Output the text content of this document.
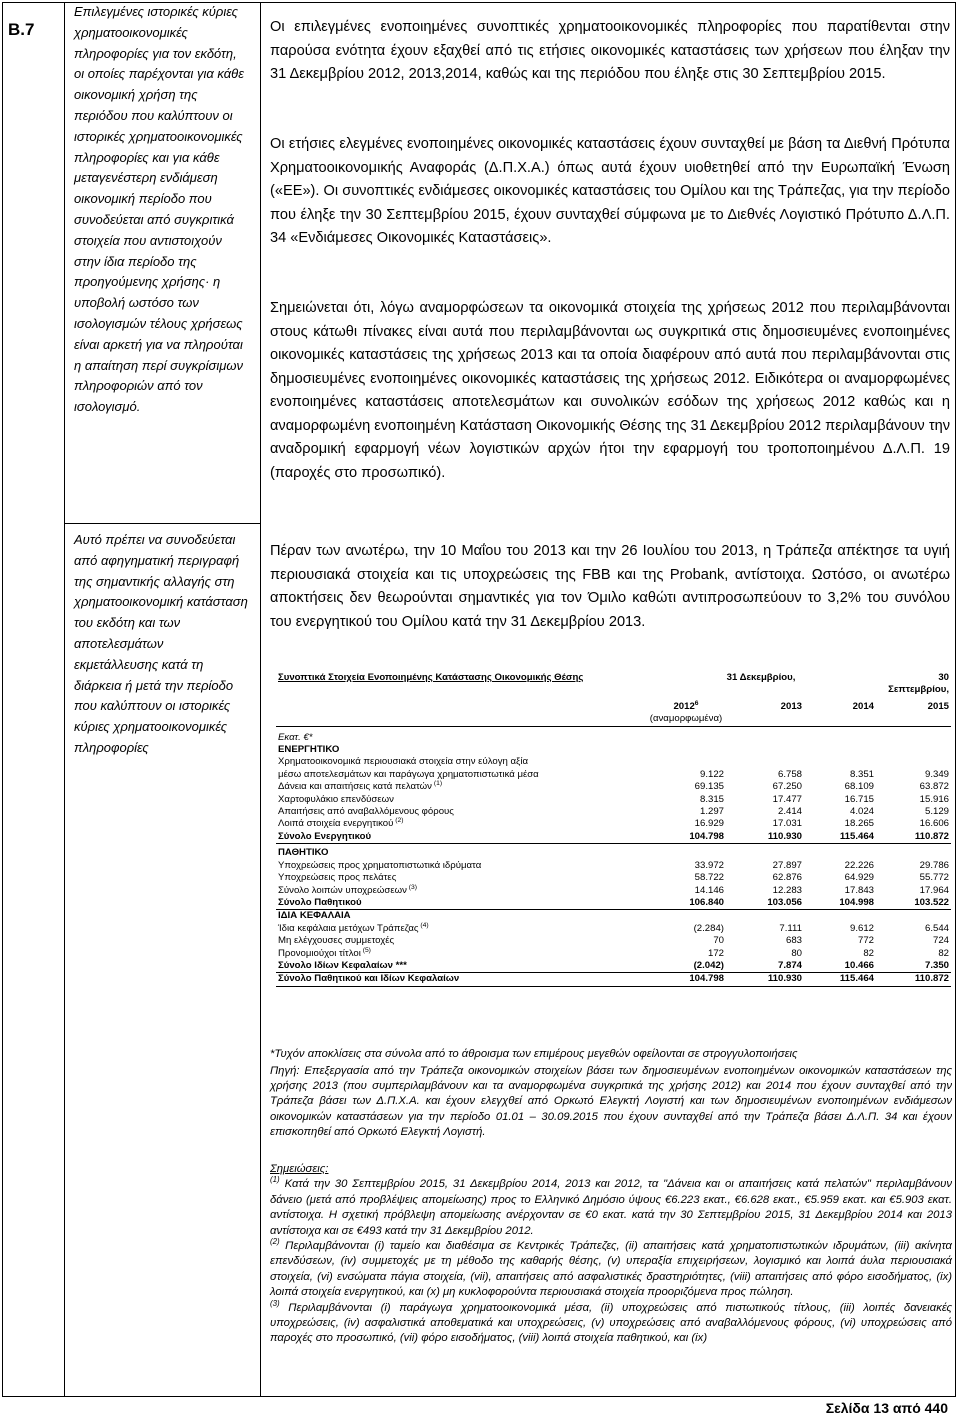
B.7
Επιλεγμένες ιστορικές κύριες χρηματοοικονομικές πληροφορίες για τον εκδότη, οι οποίες παρέχονται για κάθε οικονομική χρήση της περιόδου που καλύπτουν οι ιστορικές χρηματοοικονομικές πληροφορίες και για κάθε μεταγενέστερη ενδιάμεση οικονομική περίοδο που συνοδεύεται από συγκριτικά στοιχεία που αντιστοιχούν στην ίδια περίοδο της προηγούμενης χρήσης· η υποβολή ωστόσο των ισολογισμών τέλους χρήσεως είναι αρκετή για να πληρούται η απαίτηση περί συγκρίσιμων πληροφοριών από τον ισολογισμό.
Αυτό πρέπει να συνοδεύεται από αφηγηματική περιγραφή της σημαντικής αλλαγής στη χρηματοοικονομική κατάσταση του εκδότη και των αποτελεσμάτων εκμετάλλευσης κατά τη διάρκεια ή μετά την περίοδο που καλύπτουν οι ιστορικές κύριες χρηματοοικονομικές πληροφορίες

Οι επιλεγμένες ενοποιημένες συνοπτικές χρηματοοικονομικές πληροφορίες που παρατίθενται στην παρούσα ενότητα έχουν εξαχθεί από τις ετήσιες οικονομικές καταστάσεις των χρήσεων που έληξαν την 31 Δεκεμβρίου 2012, 2013,2014, καθώς και της περιόδου που έληξε στις 30 Σεπτεμβρίου 2015.

Οι ετήσιες ελεγμένες ενοποιημένες οικονομικές καταστάσεις έχουν συνταχθεί με βάση τα Διεθνή Πρότυπα Χρηματοοικονομικής Αναφοράς (Δ.Π.Χ.Α.) όπως αυτά έχουν υιοθετηθεί από την Ευρωπαϊκή Ένωση («ΕΕ»). Οι συνοπτικές ενδιάμεσες οικονομικές καταστάσεις του Ομίλου και της Τράπεζας, για την περίοδο που έληξε την 30 Σεπτεμβρίου 2015, έχουν συνταχθεί σύμφωνα με το Διεθνές Λογιστικό Πρότυπο Δ.Λ.Π. 34 «Ενδιάμεσες Οικονομικές Καταστάσεις».

Σημειώνεται ότι, λόγω αναμορφώσεων τα οικονομικά στοιχεία της χρήσεως 2012 που περιλαμβάνονται στους κάτωθι πίνακες είναι αυτά που περιλαμβάνονται ως συγκριτικά στις δημοσιευμένες ενοποιημένες οικονομικές καταστάσεις της χρήσεως 2013 και τα οποία διαφέρουν από αυτά που περιλαμβάνονται στις δημοσιευμένες ενοποιημένες οικονομικές καταστάσεις της χρήσεως 2012. Ειδικότερα οι αναμορφωμένες ενοποιημένες καταστάσεις αποτελεσμάτων και συνολικών εσόδων της χρήσεως 2012 καθώς και η αναμορφωμένη ενοποιημένη Κατάσταση Οικονομικής Θέσης της 31 Δεκεμβρίου 2012 περιλαμβάνουν την αναδρομική εφαρμογή νέων λογιστικών αρχών ήτοι την εφαρμογή του τροποποιημένου Δ.Λ.Π. 19 (παροχές στο προσωπικό).

Πέραν των ανωτέρω, την 10 Μαΐου του 2013 και την 26 Ιουλίου του 2013, η Τράπεζα απέκτησε τα υγιή περιουσιακά στοιχεία και τις υποχρεώσεις της FBB και της Probank, αντίστοιχα. Ωστόσο, οι ανωτέρω αποκτήσεις δεν θεωρούνται σημαντικές για τον Όμιλο καθώτι αντιπροσωπεύουν το 3,2% του συνόλου του ενεργητικού του Ομίλου κατά την 31 Δεκεμβρίου 2013.

Συνοπτικά Στοιχεία Ενοποιημένης Κατάστασης Οικονομικής Θέσης	31 Δεκεμβρίου,			30 Σεπτεμβρίου,
	2012$^6$
(αναμορφωμένα)	2013	2014	2015
Εκατ. €*				
ΕΝΕΡΓΗΤΙΚΟ				
Χρηματοοικονομικά περιουσιακά στοιχεία στην εύλογη αξία				
μέσω αποτελεσμάτων και παράγωγα χρηματοπιστωτικά μέσα	9.122	6.758	8.351	9.349
Δάνεια και απαιτήσεις κατά πελατών $^{(1)}$	69.135	67.250	68.109	63.872
Χαρτοφυλάκιο επενδύσεων	8.315	17.477	16.715	15.916
Απαιτήσεις από αναβαλλόμενους φόρους	1.297	2.414	4.024	5.129
Λοιπά στοιχεία ενεργητικού $^{(2)}$	16.929	17.031	18.265	16.606
Σύνολο Ενεργητικού	104.798	110.930	115.464	110.872
ΠΑΘΗΤΙΚΟ				
Υποχρεώσεις προς χρηματοπιστωτικά ιδρύματα	33.972	27.897	22.226	29.786
Υποχρεώσεις προς πελάτες	58.722	62.876	64.929	55.772
Σύνολο λοιπών υποχρεώσεων $^{(3)}$	14.146	12.283	17.843	17.964
Σύνολο Παθητικού	106.840	103.056	104.998	103.522
ΙΔΙΑ ΚΕΦΑΛΑΙΑ				
Ίδια κεφάλαια μετόχων Τράπεζας $^{(4)}$	(2.284)	7.111	9.612	6.544
Μη ελέγχουσες συμμετοχές	70	683	772	724
Προνομιούχοι τίτλοι $^{(5)}$	172	80	82	82
Σύνολο Ιδίων Κεφαλαίων ***	(2.042)	7.874	10.466	7.350
Σύνολο Παθητικού και Ιδίων Κεφαλαίων	104.798	110.930	115.464	110.872
*Τυχόν αποκλίσεις στα σύνολα από το άθροισμα των επιμέρους μεγεθών οφείλονται σε στρογγυλοποιήσεις
Πηγή: Επεξεργασία από την Τράπεζα οικονομικών στοιχείων βάσει των δημοσιευμένων ενοποιημένων οικονομικών καταστάσεων της χρήσης 2013 (που συμπεριλαμβάνουν και τα αναμορφωμένα συγκριτικά της χρήσης 2012) και 2014 που έχουν συνταχθεί από την Τράπεζα βάσει των Δ.Π.Χ.Α. και έχουν ελεγχθεί από Ορκωτό Ελεγκτή Λογιστή και των δημοσιευμένων ενοποιημένων ενδιάμεσων οικονομικών καταστάσεων για την περίοδο 01.01 – 30.09.2015 που έχουν συνταχθεί από την Τράπεζα βάσει Δ.Λ.Π. 34 και έχουν επισκοπηθεί από Ορκωτό Ελεγκτή Λογιστή.

Σημειώσεις:

$^{(1)}$ Κατά την 30 Σεπτεμβρίου 2015, 31 Δεκεμβρίου 2014, 2013 και 2012, τα "Δάνεια και οι απαιτήσεις κατά πελατών" περιλαμβάνουν δάνειο (μετά από προβλέψεις απομείωσης) προς το Ελληνικό Δημόσιο ύψους €6.223 εκατ., €6.628 εκατ., €5.959 εκατ. και €5.903 εκατ. αντίστοιχα. Η σχετική πρόβλεψη απομείωσης ανέρχονταν σε €0 εκατ. κατά την 30 Σεπτεμβρίου 2015, 31 Δεκεμβρίου 2014 και 2013 αντίστοιχα και σε €493 κατά την 31 Δεκεμβρίου 2012.

$^{(2)}$ Περιλαμβάνονται (i) ταμείο και διαθέσιμα σε Κεντρικές Τράπεζες, (ii) απαιτήσεις κατά χρηματοπιστωτικών ιδρυμάτων, (iii) ακίνητα επενδύσεων, (iv) συμμετοχές με τη μέθοδο της καθαρής θέσης, (v) υπεραξία επιχειρήσεων, λογισμικό και λοιπά άυλα περιουσιακά στοιχεία, (vi) ενσώματα πάγια στοιχεία, (vii), απαιτήσεις από ασφαλιστικές δραστηριότητες, (viii) απαιτήσεις από φόρο εισοδήματος, (ix) λοιπά στοιχεία ενεργητικού, και (x) μη κυκλοφορούντα περιουσιακά στοιχεία προοριζόμενα προς πώληση.

$^{(3)}$ Περιλαμβάνονται (i) παράγωγα χρηματοοικονομικά μέσα, (ii) υποχρεώσεις από πιστωτικούς τίτλους, (iii) λοιπές δανειακές υποχρεώσεις, (iv) ασφαλιστικά αποθεματικά και υποχρεώσεις, (v) υποχρεώσεις από αναβαλλόμενους φόρους, (vi) υποχρεώσεις από παροχές στο προσωπικό, (vii) φόρο εισοδήματος, (viii) λοιπά στοιχεία παθητικού, και (ix)

Σελίδα 13 από 440
